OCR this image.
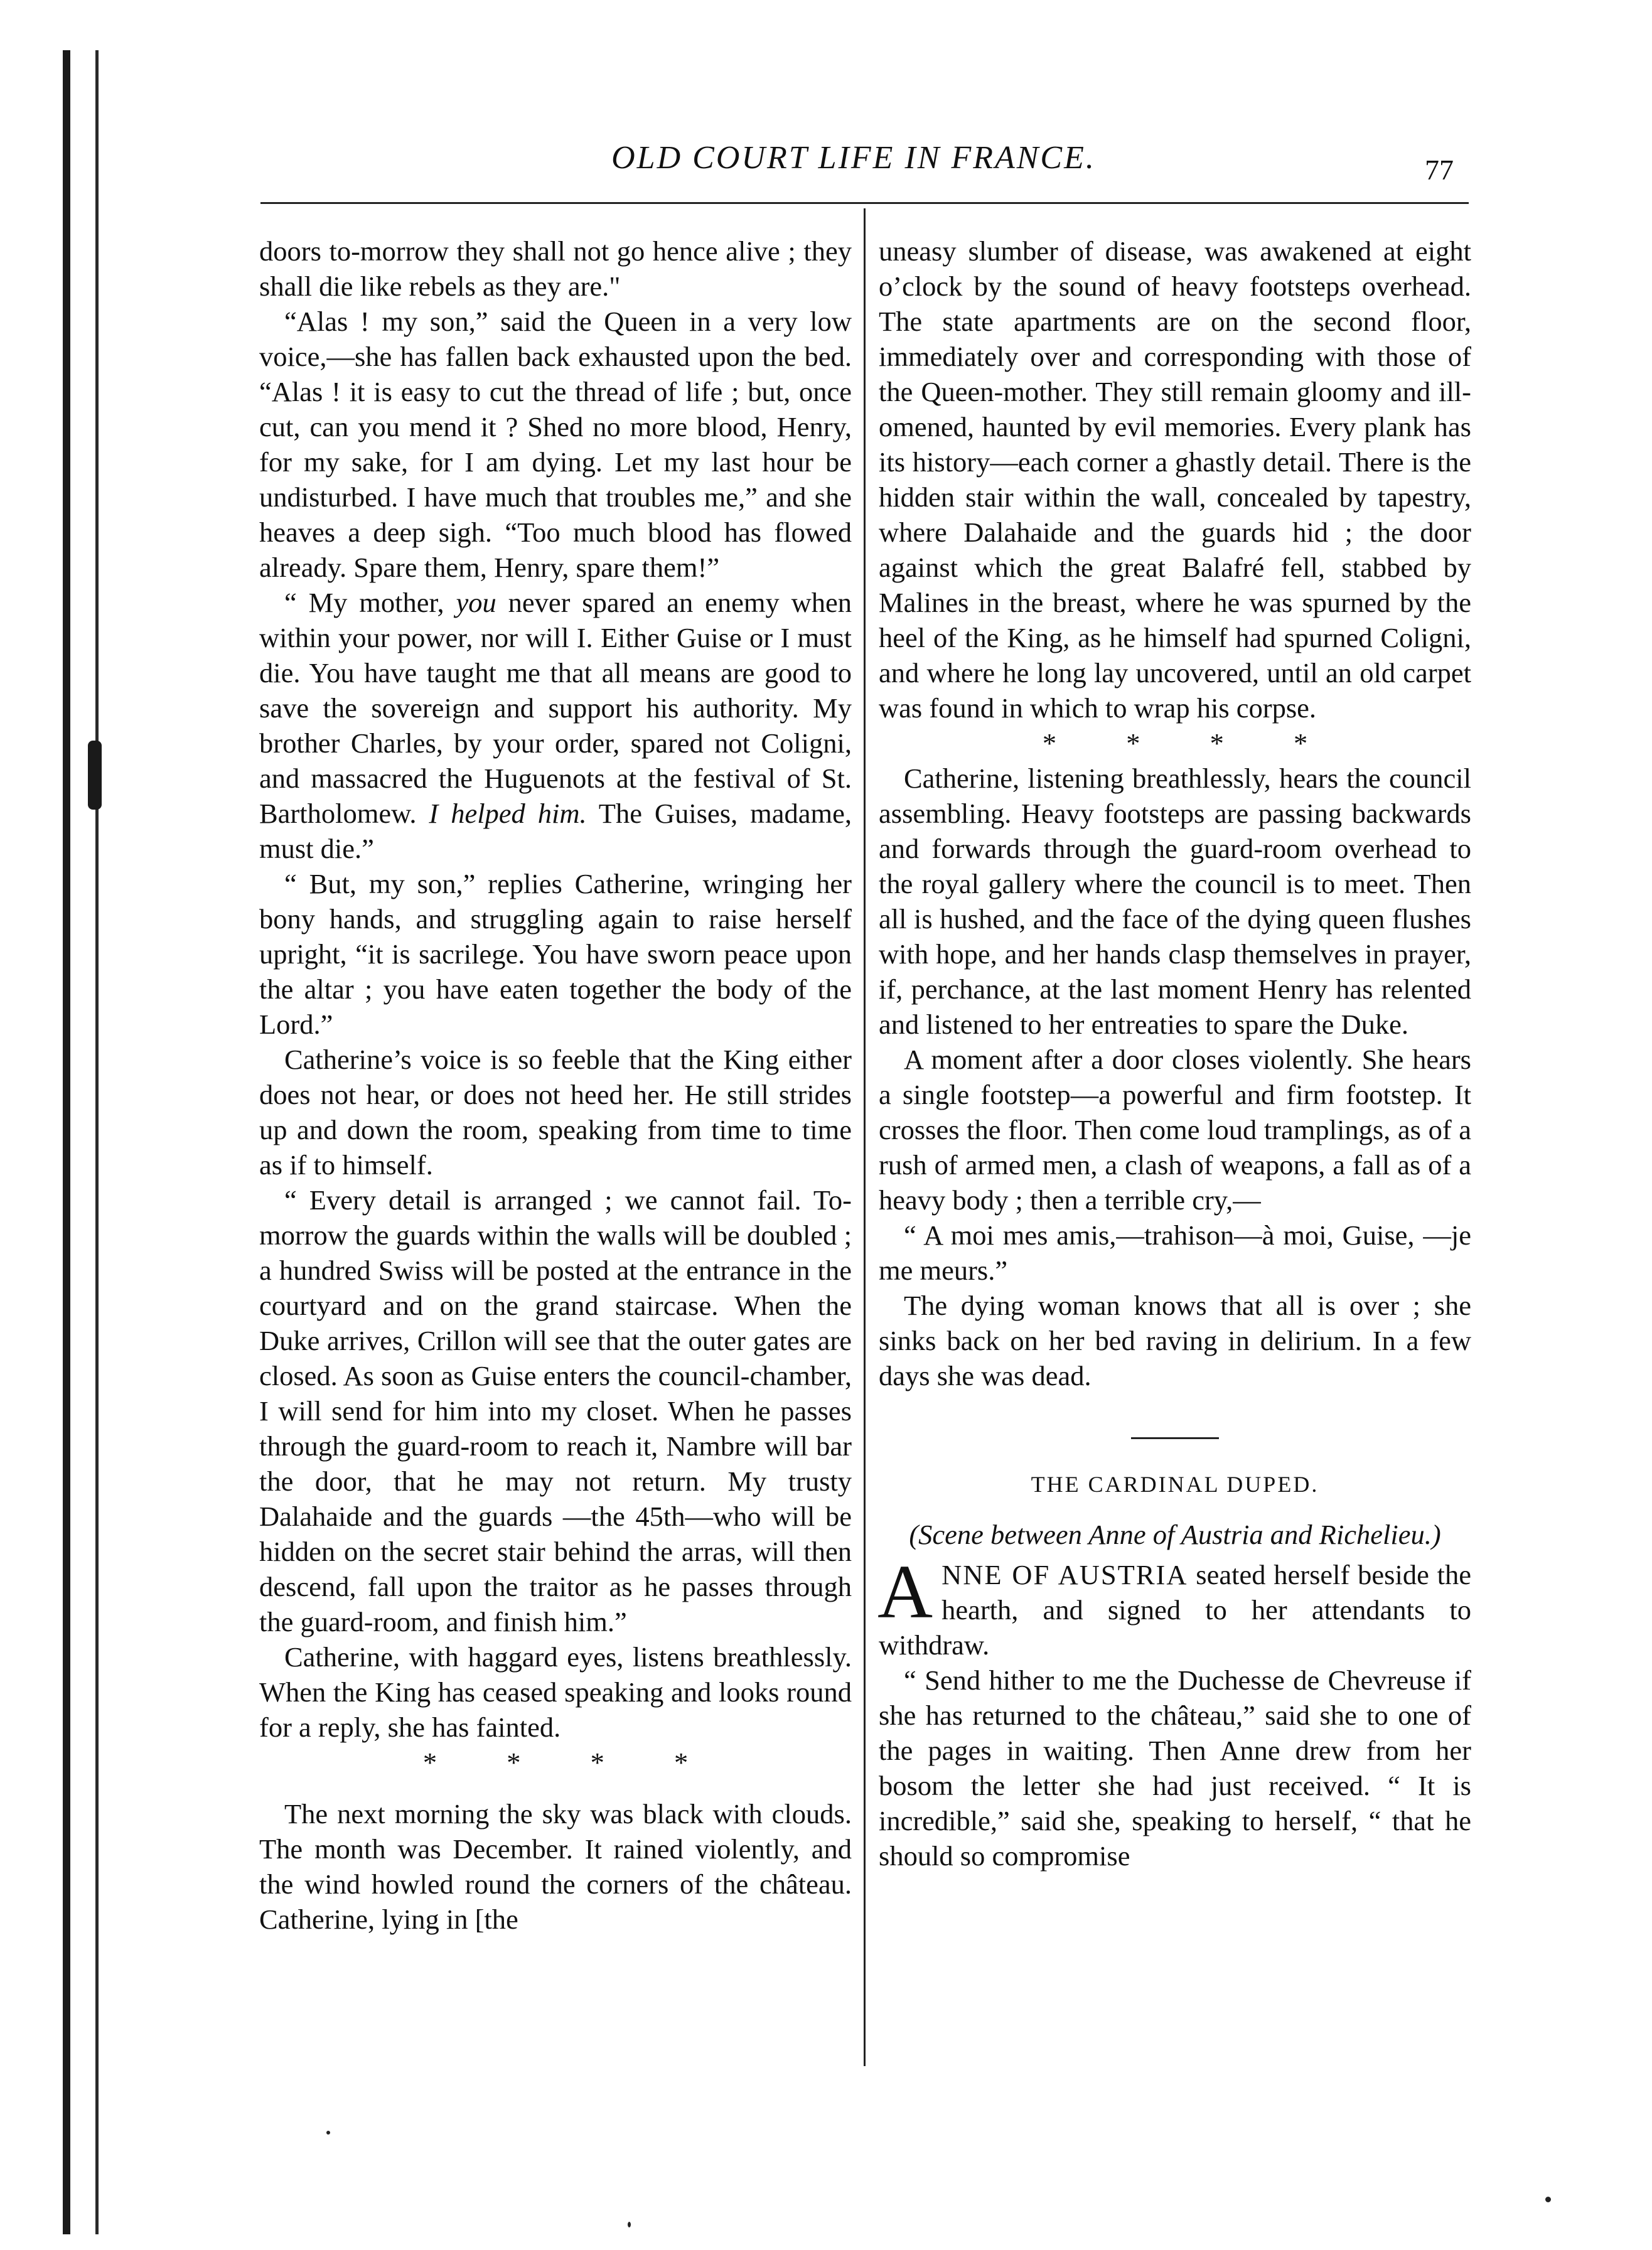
OLD COURT LIFE IN FRANCE.	77

doors to-morrow they shall not go hence alive ; they shall die like rebels as they are."

“Alas ! my son,” said the Queen in a very low voice,—she has fallen back exhausted upon the bed. “Alas ! it is easy to cut the thread of life ; but, once cut, can you mend it ? Shed no more blood, Henry, for my sake, for I am dying. Let my last hour be undisturbed. I have much that troubles me,” and she heaves a deep sigh. “Too much blood has flowed already. Spare them, Henry, spare them!”

“ My mother, you never spared an enemy when within your power, nor will I. Either Guise or I must die. You have taught me that all means are good to save the sovereign and support his authority. My brother Charles, by your order, spared not Coligni, and massacred the Huguenots at the festival of St. Bartholomew. I helped him. The Guises, madame, must die.”

“ But, my son,” replies Catherine, wringing her bony hands, and struggling again to raise herself upright, “it is sacrilege. You have sworn peace upon the altar ; you have eaten together the body of the Lord.”

Catherine’s voice is so feeble that the King either does not hear, or does not heed her. He still strides up and down the room, speaking from time to time as if to himself.

“ Every detail is arranged ; we cannot fail. To-morrow the guards within the walls will be doubled ; a hundred Swiss will be posted at the entrance in the courtyard and on the grand staircase. When the Duke arrives, Crillon will see that the outer gates are closed. As soon as Guise enters the council-chamber, I will send for him into my closet. When he passes through the guard-room to reach it, Nambre will bar the door, that he may not return. My trusty Dalahaide and the guards —the 45th—who will be hidden on the secret stair behind the arras, will then descend, fall upon the traitor as he passes through the guard-room, and finish him.”

Catherine, with haggard eyes, listens breathlessly. When the King has ceased speaking and looks round for a reply, she has fainted.

* * * *

The next morning the sky was black with clouds. The month was December. It rained violently, and the wind howled round the corners of the château. Catherine, lying in [the

uneasy slumber of disease, was awakened at eight o’clock by the sound of heavy footsteps overhead. The state apartments are on the second floor, immediately over and corresponding with those of the Queen-mother. They still remain gloomy and ill-omened, haunted by evil memories. Every plank has its history—each corner a ghastly detail. There is the hidden stair within the wall, concealed by tapestry, where Dalahaide and the guards hid ; the door against which the great Balafré fell, stabbed by Malines in the breast, where he was spurned by the heel of the King, as he himself had spurned Coligni, and where he long lay uncovered, until an old carpet was found in which to wrap his corpse.

* * * *

Catherine, listening breathlessly, hears the council assembling. Heavy footsteps are passing backwards and forwards through the guard-room overhead to the royal gallery where the council is to meet. Then all is hushed, and the face of the dying queen flushes with hope, and her hands clasp themselves in prayer, if, perchance, at the last moment Henry has relented and listened to her entreaties to spare the Duke.

A moment after a door closes violently. She hears a single footstep—a powerful and firm footstep. It crosses the floor. Then come loud tramplings, as of a rush of armed men, a clash of weapons, a fall as of a heavy body ; then a terrible cry,—

“ A moi mes amis,—trahison—à moi, Guise, —je me meurs.”

The dying woman knows that all is over ; she sinks back on her bed raving in delirium. In a few days she was dead.

THE CARDINAL DUPED.

(Scene between Anne of Austria and Richelieu.)

ANNE OF AUSTRIA seated herself beside the hearth, and signed to her attendants to withdraw.

“ Send hither to me the Duchesse de Chevreuse if she has returned to the château,” said she to one of the pages in waiting. Then Anne drew from her bosom the letter she had just received. “ It is incredible,” said she, speaking to herself, “ that he should so compromise
